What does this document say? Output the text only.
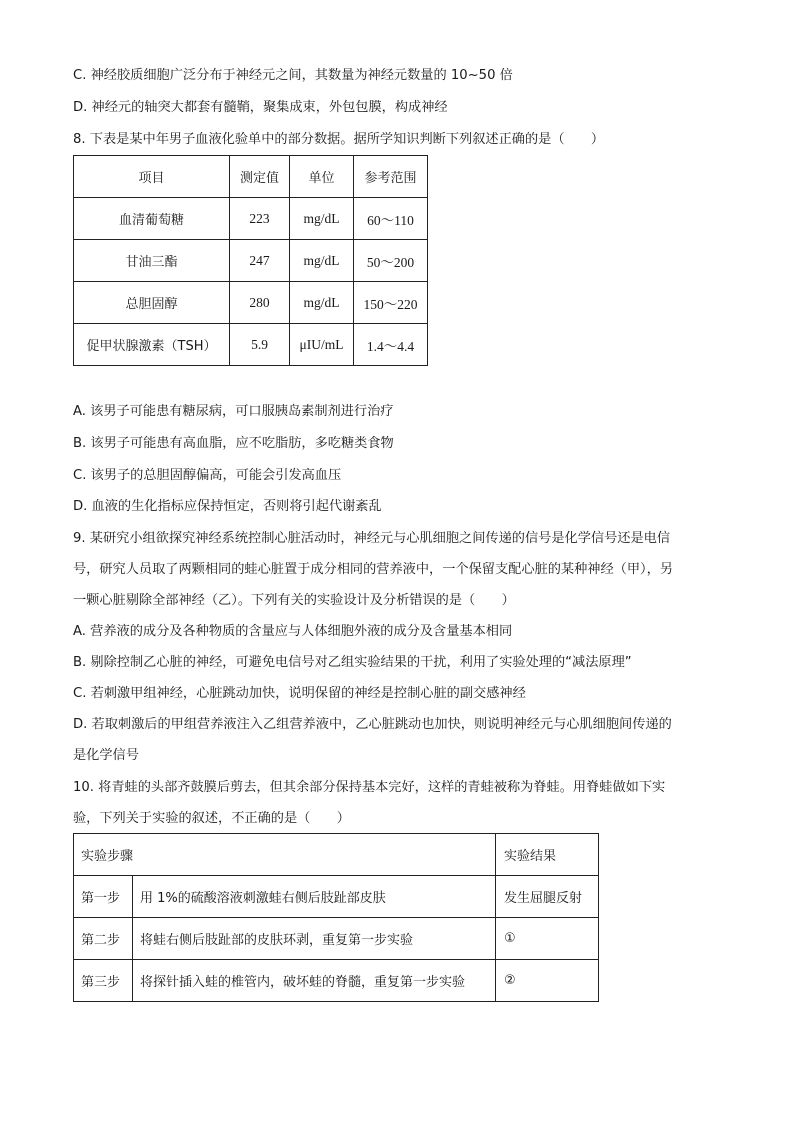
C. 神经胶质细胞广泛分布于神经元之间，其数量为神经元数量的 10~50 倍
D. 神经元的轴突大都套有髓鞘，聚集成束，外包包膜，构成神经
8. 下表是某中年男子血液化验单中的部分数据。据所学知识判断下列叙述正确的是（　　）
项目	测定值	单位	参考范围
血清葡萄糖	223	mg/dL	60～110
甘油三酯	247	mg/dL	50～200
总胆固醇	280	mg/dL	150～220
促甲状腺激素（TSH）	5.9	μIU/mL	1.4～4.4
A. 该男子可能患有糖尿病，可口服胰岛素制剂进行治疗
B. 该男子可能患有高血脂，应不吃脂肪，多吃糖类食物
C. 该男子的总胆固醇偏高，可能会引发高血压
D. 血液的生化指标应保持恒定，否则将引起代谢紊乱
9. 某研究小组欲探究神经系统控制心脏活动时，神经元与心肌细胞之间传递的信号是化学信号还是电信
号，研究人员取了两颗相同的蛙心脏置于成分相同的营养液中，一个保留支配心脏的某种神经（甲），另
一颗心脏剔除全部神经（乙）。下列有关的实验设计及分析错误的是（　　）
A. 营养液的成分及各种物质的含量应与人体细胞外液的成分及含量基本相同
B. 剔除控制乙心脏的神经，可避免电信号对乙组实验结果的干扰，利用了实验处理的“减法原理”
C. 若刺激甲组神经，心脏跳动加快，说明保留的神经是控制心脏的副交感神经
D. 若取刺激后的甲组营养液注入乙组营养液中，乙心脏跳动也加快，则说明神经元与心肌细胞间传递的
是化学信号
10. 将青蛙的头部齐鼓膜后剪去，但其余部分保持基本完好，这样的青蛙被称为脊蛙。用脊蛙做如下实
验，下列关于实验的叙述，不正确的是（　　）
实验步骤		实验结果
第一步	用 1%的硫酸溶液刺激蛙右侧后肢趾部皮肤	发生屈腿反射
第二步	将蛙右侧后肢趾部的皮肤环剥，重复第一步实验	①
第三步	将探针插入蛙的椎管内，破坏蛙的脊髓，重复第一步实验	②
